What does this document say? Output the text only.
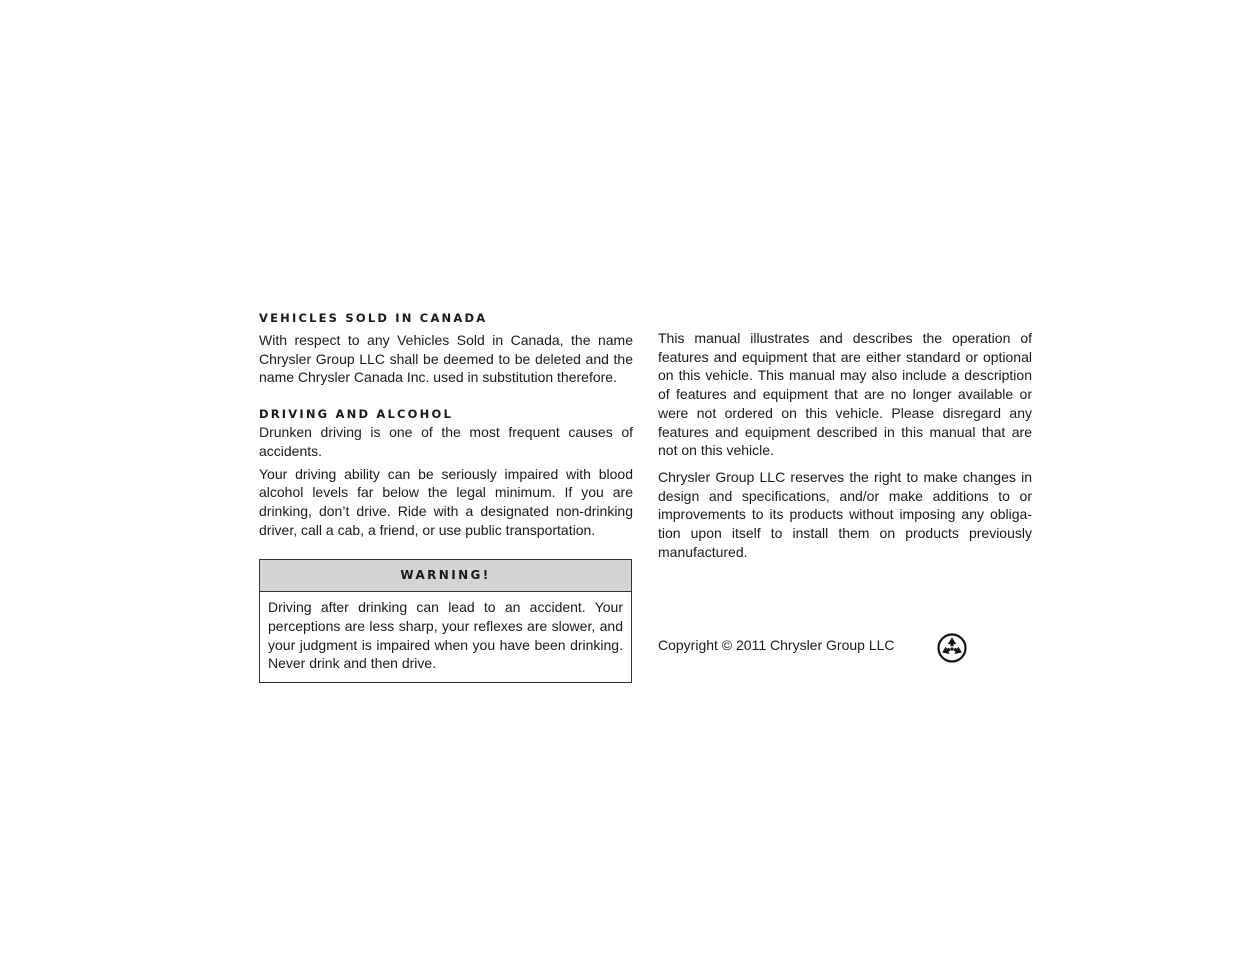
VEHICLES SOLD IN CANADA

With respect to any Vehicles Sold in Canada, the name Chrysler Group LLC shall be deemed to be deleted and the name Chrysler Canada Inc. used in substitution therefore.

DRIVING AND ALCOHOL

Drunken driving is one of the most frequent causes of accidents.

Your driving ability can be seriously impaired with blood alcohol levels far below the legal minimum. If you are drinking, don’t drive. Ride with a designated non-drinking driver, call a cab, a friend, or use public transportation.

WARNING!
Driving after drinking can lead to an accident. Your perceptions are less sharp, your reflexes are slower, and your judgment is impaired when you have been drinking. Never drink and then drive.

This manual illustrates and describes the operation of features and equipment that are either standard or optional on this vehicle. This manual may also include a description of features and equipment that are no longer available or were not ordered on this vehicle. Please disregard any features and equipment described in this manual that are not on this vehicle.

Chrysler Group LLC reserves the right to make changes in design and specifications, and/or make additions to or improvements to its products without imposing any obliga-tion upon itself to install them on products previously manufactured.

Copyright © 2011 Chrysler Group LLC
